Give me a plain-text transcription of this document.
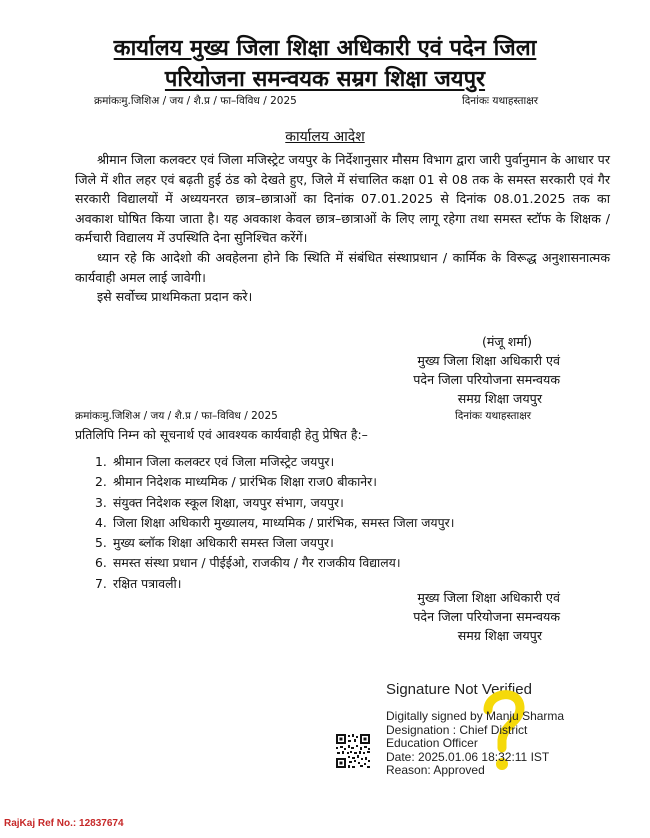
कार्यालय मुख्य जिला शिक्षा अधिकारी एवं पदेन जिला
परियोजना समन्वयक सम्रग शिक्षा जयपुर
क्रमांकःमु.जिशिअ / जय / शै.प्र / फा–विविध / 2025	दिनांकः यथाहस्ताक्षर
कार्यालय आदेश

श्रीमान जिला कलक्टर एवं जिला मजिस्ट्रेट जयपुर के निर्देशानुसार मौसम विभाग द्वारा जारी पुर्वानुमान के आधार पर जिले में शीत लहर एवं बढ़ती हुई ठंड को देखते हुए, जिले में संचालित कक्षा 01 से 08 तक के समस्त सरकारी एवं गैर सरकारी विद्यालयों में अध्ययनरत छात्र–छात्राओं का दिनांक 07.01.2025 से दिनांक 08.01.2025 तक का अवकाश घोषित किया जाता है। यह अवकाश केवल छात्र–छात्राओं के लिए लागू रहेगा तथा समस्त स्टॉफ के शिक्षक / कर्मचारी विद्यालय में उपस्थिति देना सुनिश्चित करेंगें।

ध्यान रहे कि आदेशो की अवहेलना होने कि स्थिति में संबंधित संस्थाप्रधान / कार्मिक के विरूद्ध अनुशासनात्मक कार्यवाही अमल लाई जावेगी।

इसे सर्वोच्च प्राथमिकता प्रदान करे।

(मंजू शर्मा)
मुख्य जिला शिक्षा अधिकारी एवं
पदेन जिला परियोजना समन्वयक
समग्र शिक्षा जयपुर
क्रमांकःमु.जिशिअ / जय / शै.प्र / फा–विविध / 2025	दिनांकः यथाहस्ताक्षर
प्रतिलिपि निम्न को सूचनार्थ एवं आवश्यक कार्यवाही हेतु प्रेषित है:–
1. श्रीमान जिला कलक्टर एवं जिला मजिस्ट्रेट जयपुर।
2. श्रीमान निदेशक माध्यमिक / प्रारंभिक शिक्षा राज0 बीकानेर।
3. संयुक्त निदेशक स्कूल शिक्षा, जयपुर संभाग, जयपुर।
4. जिला शिक्षा अधिकारी मुख्यालय, माध्यमिक / प्रारंभिक, समस्त जिला जयपुर।
5. मुख्य ब्लॉक शिक्षा अधिकारी समस्त जिला जयपुर।
6. समस्त संस्था प्रधान / पीईईओ, राजकीय / गैर राजकीय विद्यालय।
7. रक्षित पत्रावली।
मुख्य जिला शिक्षा अधिकारी एवं
पदेन जिला परियोजना समन्वयक
समग्र शिक्षा जयपुर
Signature Not Verified
Digitally signed by Manju Sharma
Designation : Chief District
Education Officer
Date: 2025.01.06 18:32:11 IST
Reason: Approved
RajKaj Ref No.: 12837674
